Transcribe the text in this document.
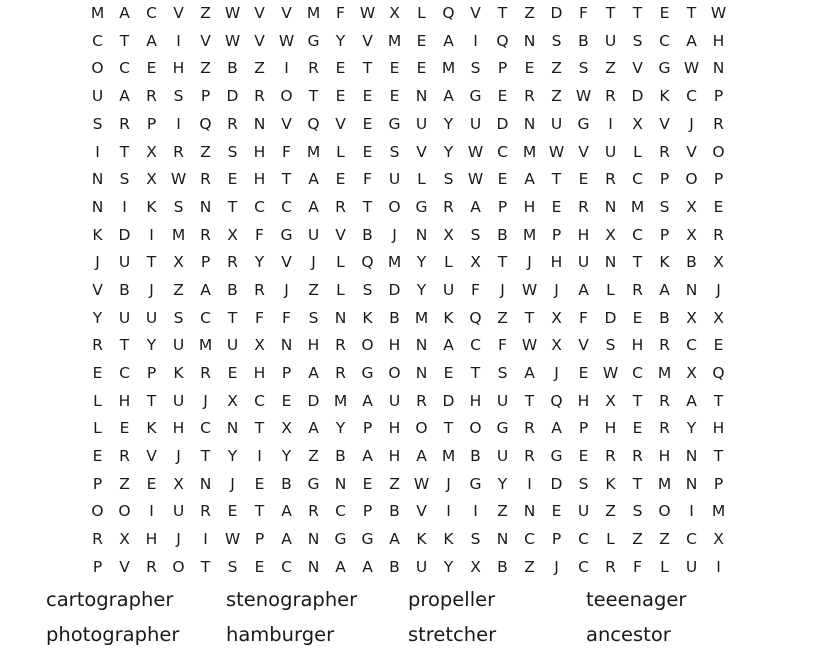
M A	C	V	Z W V	V M	F W X	L	Q	V	T	Z	D	F	T	T	E	T W
C	T	A	I	V W V W G	Y	V M E	A	I	Q N	S	B	U	S	C	A	H
O C	E	H	Z	B	Z	I	R	E	T	E	E M S	P	E	Z	S	Z	V	G W N
U	A	R	S	P	D	R	O	T	E	E	E	N	A	G	E	R	Z W R	D	K	C	P
S	R	P	I	Q	R	N	V	Q	V	E	G U	Y	U D N	U G	I	X	V	J	R
I	T	X	R	Z	S	H	F	M	L	E	S	V	Y W C M W V	U	L	R	V	O
N	S	X W R	E	H	T	A	E	F	U	L	S W E	A	T	E	R	C	P	O	P
N	I	K	S	N	T	C	C	A	R	T	O G	R	A	P	H	E	R	N M S	X	E
K	D	I	M R	X	F	G U	V	B	J	N	X	S	B M	P	H	X	C	P	X	R
J	U	T	X	P	R	Y	V	J	L	Q M	Y	L	X	T	J	H U	N	T	K	B	X
V	B	J	Z	A	B	R	J	Z	L	S	D	Y	U	F	J	W	J	A	L	R	A	N	J
Y	U	U	S	C	T	F	F	S	N	K	B M K	Q	Z	T	X	F	D	E	B	X	X
R	T	Y	U M U	X	N H	R	O H N	A	C	F W X	V	S	H	R	C	E
E	C	P	K	R	E	H	P	A	R	G O N	E	T	S	A	J	E W C M X	Q
L	H	T	U	J	X	C	E	D M A	U	R	D H U	T	Q H	X	T	R	A	T
L	E	K	H	C	N	T	X	A	Y	P	H O	T	O G	R	A	P	H	E	R	Y	H
E	R	V	J	T	Y	I	Y	Z	B	A	H	A M B	U	R	G	E	R	R	H N	T
P	Z	E	X	N	J	E	B	G N	E	Z W	J	G	Y	I	D	S	K	T	M N	P
O O	I	U	R	E	T	A	R	C	P	B	V	I	I	Z	N	E	U	Z	S	O	I	M
R	X	H	J	I	W P	A	N G G	A	K	K	S	N	C	P	C	L	Z	Z	C	X
P	V	R	O	T	S	E	C	N	A	A	B	U	Y	X	B	Z	J	C	R	F	L	U	I
cartographer	stenographer	propeller	teeenager
photographer	hamburger	stretcher	ancestor
